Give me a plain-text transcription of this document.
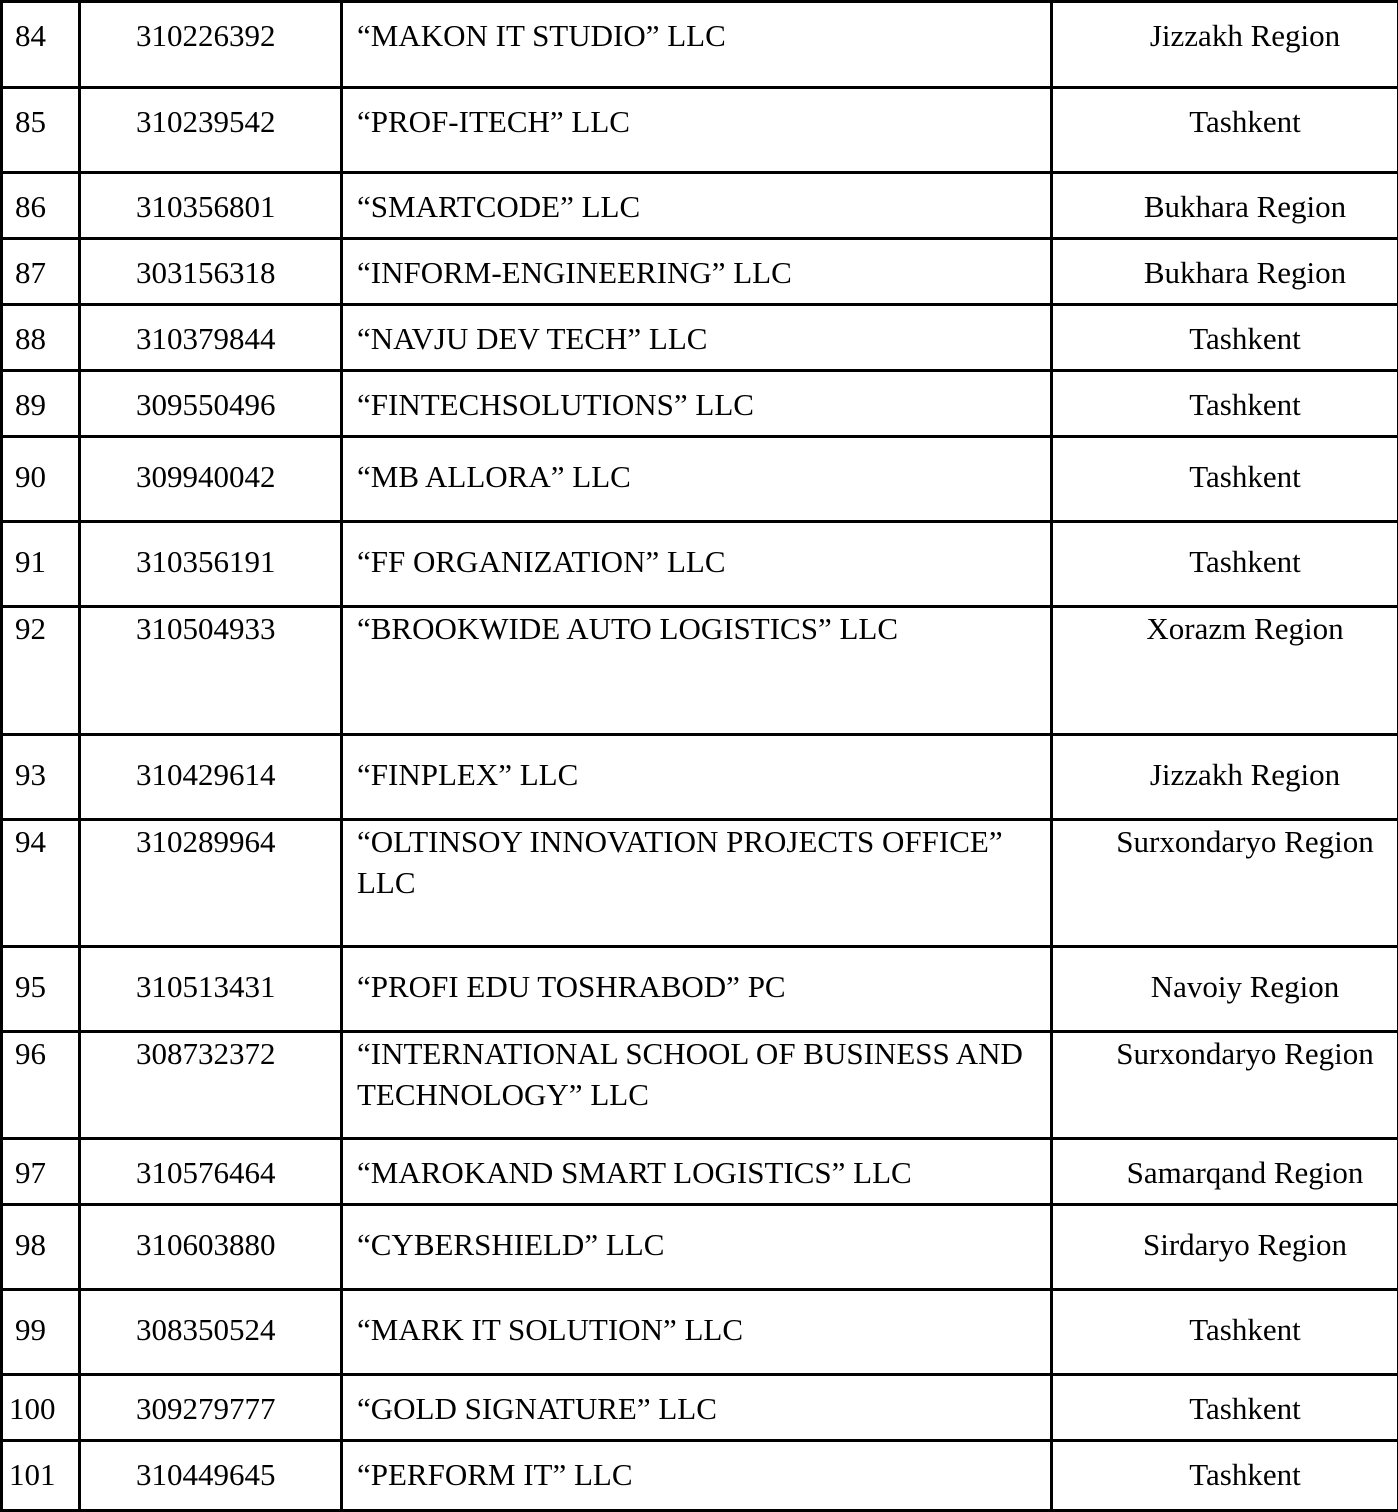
84	310226392	“MAKON IT STUDIO” LLC	Jizzakh Region
85	310239542	“PROF-ITECH” LLC	Tashkent
86	310356801	“SMARTCODE” LLC	Bukhara Region
87	303156318	“INFORM-ENGINEERING” LLC	Bukhara Region
88	310379844	“NAVJU DEV TECH” LLC	Tashkent
89	309550496	“FINTECHSOLUTIONS” LLC	Tashkent
90	309940042	“MB ALLORA” LLC	Tashkent
91	310356191	“FF ORGANIZATION” LLC	Tashkent
92	310504933	“BROOKWIDE AUTO LOGISTICS” LLC	Xorazm Region
93	310429614	“FINPLEX” LLC	Jizzakh Region
94	310289964	“OLTINSOY INNOVATION PROJECTS OFFICE” LLC	Surxondaryo Region
95	310513431	“PROFI EDU TOSHRABOD” PC	Navoiy Region
96	308732372	“INTERNATIONAL SCHOOL OF BUSINESS AND TECHNOLOGY” LLC	Surxondaryo Region
97	310576464	“MAROKAND SMART LOGISTICS” LLC	Samarqand Region
98	310603880	“CYBERSHIELD” LLC	Sirdaryo Region
99	308350524	“MARK IT SOLUTION” LLC	Tashkent
100	309279777	“GOLD SIGNATURE” LLC	Tashkent
101	310449645	“PERFORM IT” LLC	Tashkent
